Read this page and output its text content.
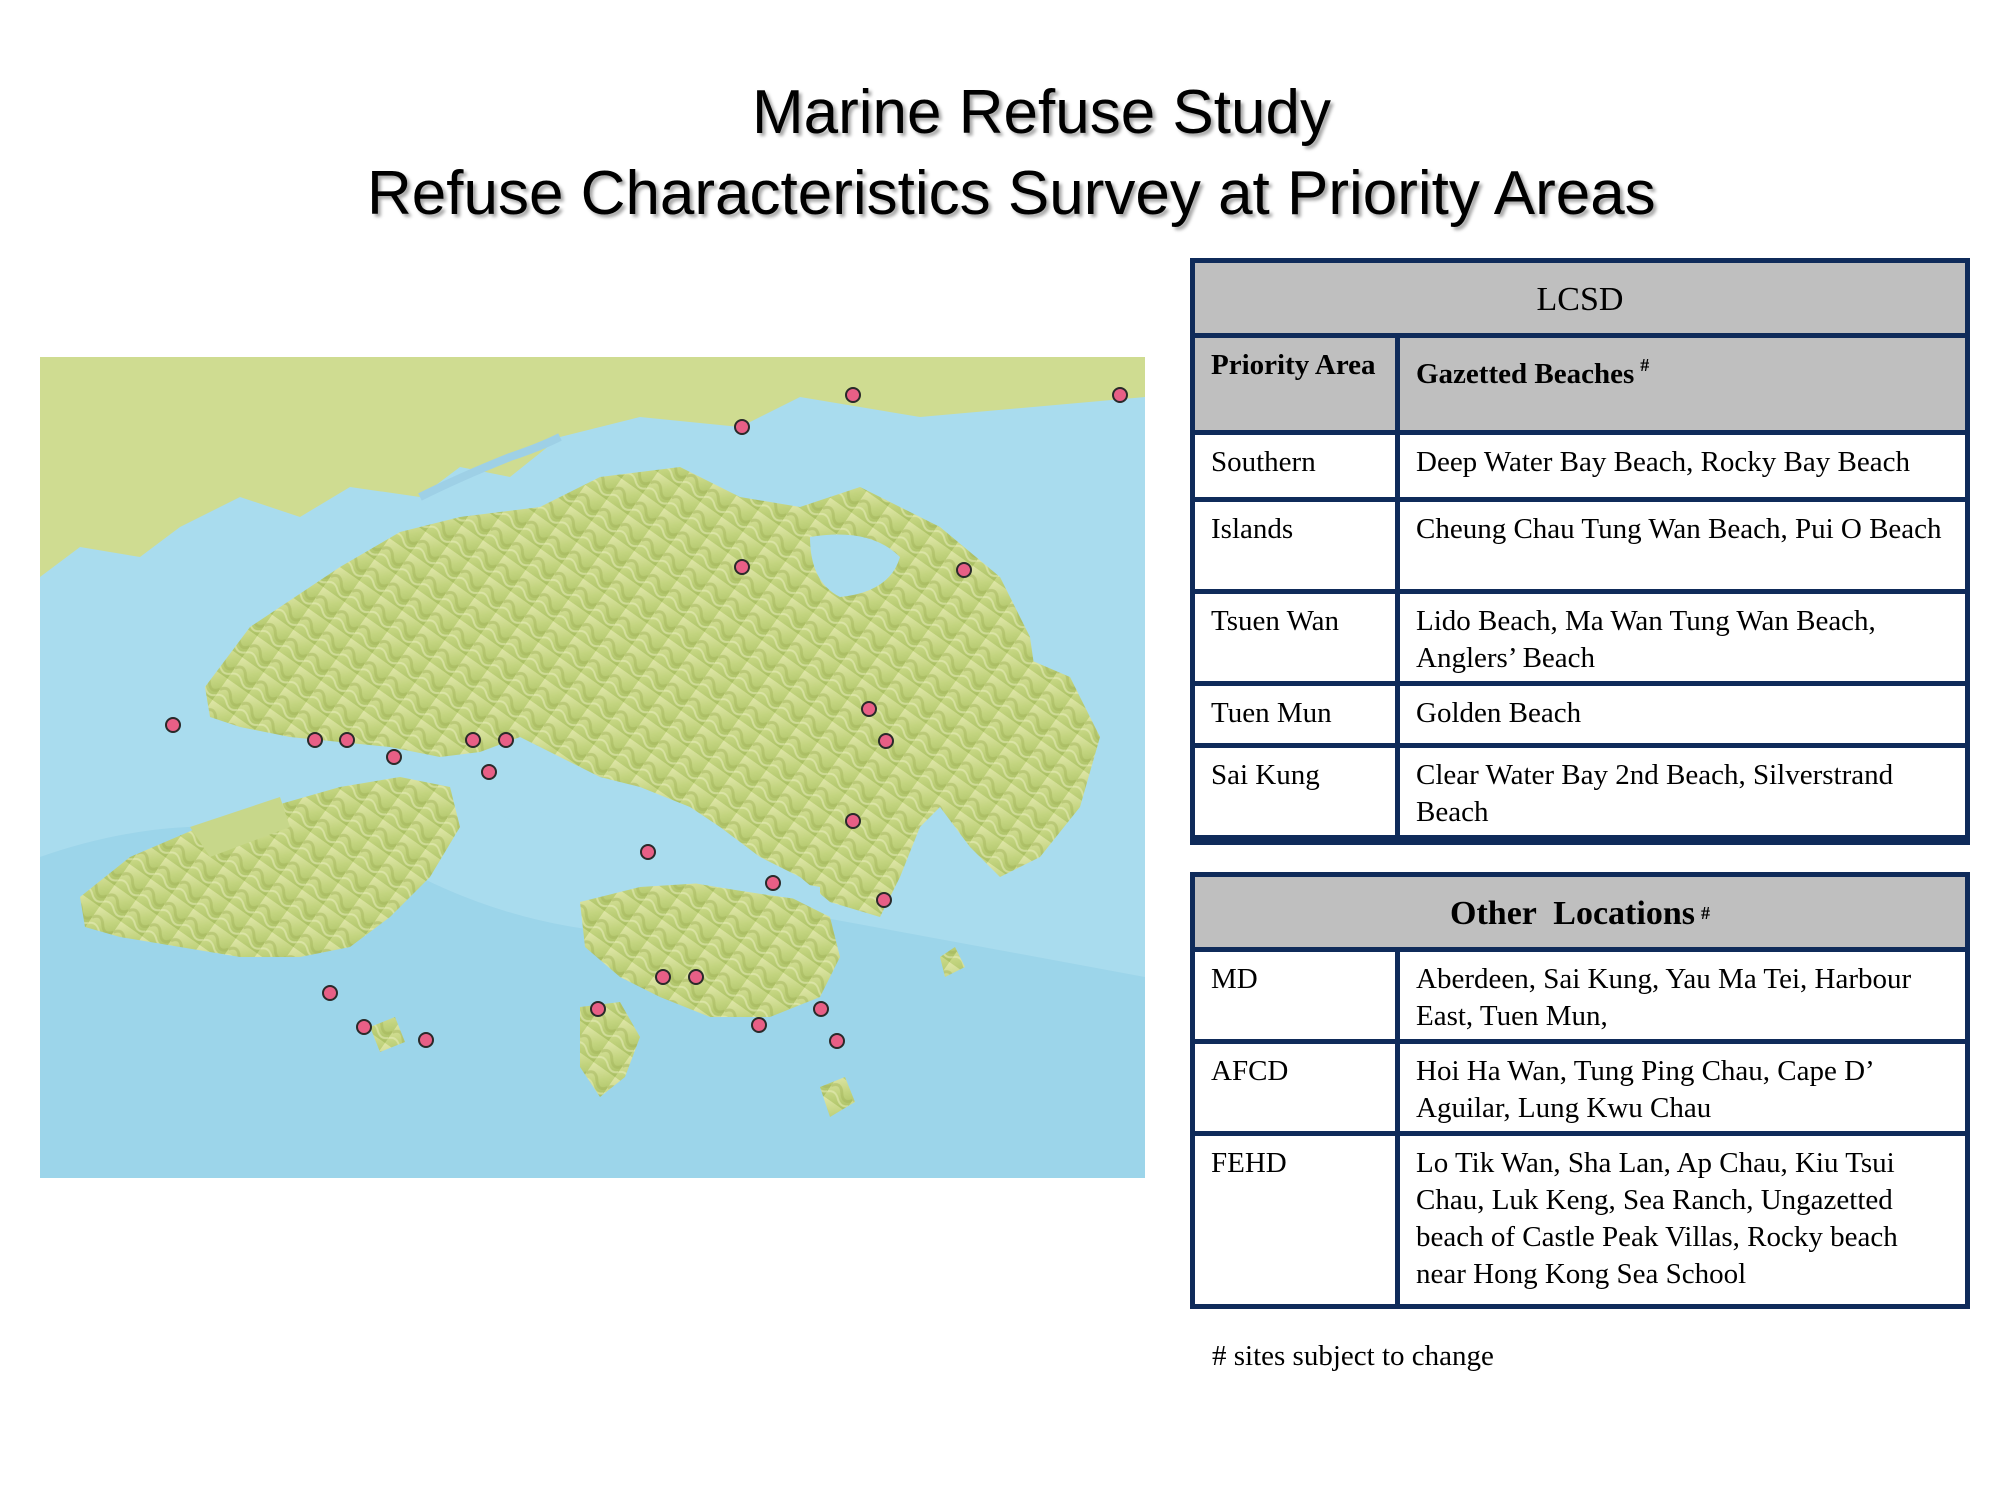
Marine Refuse Study
Refuse Characteristics Survey at Priority Areas
LCSD
Priority Area	Gazetted Beaches #
Southern	Deep Water Bay Beach, Rocky Bay Beach
Islands	Cheung Chau Tung Wan Beach, Pui O Beach
Tsuen Wan	Lido Beach, Ma Wan Tung Wan Beach, Anglers’ Beach
Tuen Mun	Golden Beach
Sai Kung	Clear Water Bay 2nd Beach, Silverstrand Beach
Other  Locations #
MD	Aberdeen, Sai Kung, Yau Ma Tei, Harbour East, Tuen Mun,
AFCD	Hoi Ha Wan, Tung Ping Chau, Cape D’ Aguilar, Lung Kwu Chau
FEHD	Lo Tik Wan, Sha Lan, Ap Chau, Kiu Tsui Chau, Luk Keng, Sea Ranch, Ungazetted beach of Castle Peak Villas, Rocky beach near Hong Kong Sea School
# sites subject to change
